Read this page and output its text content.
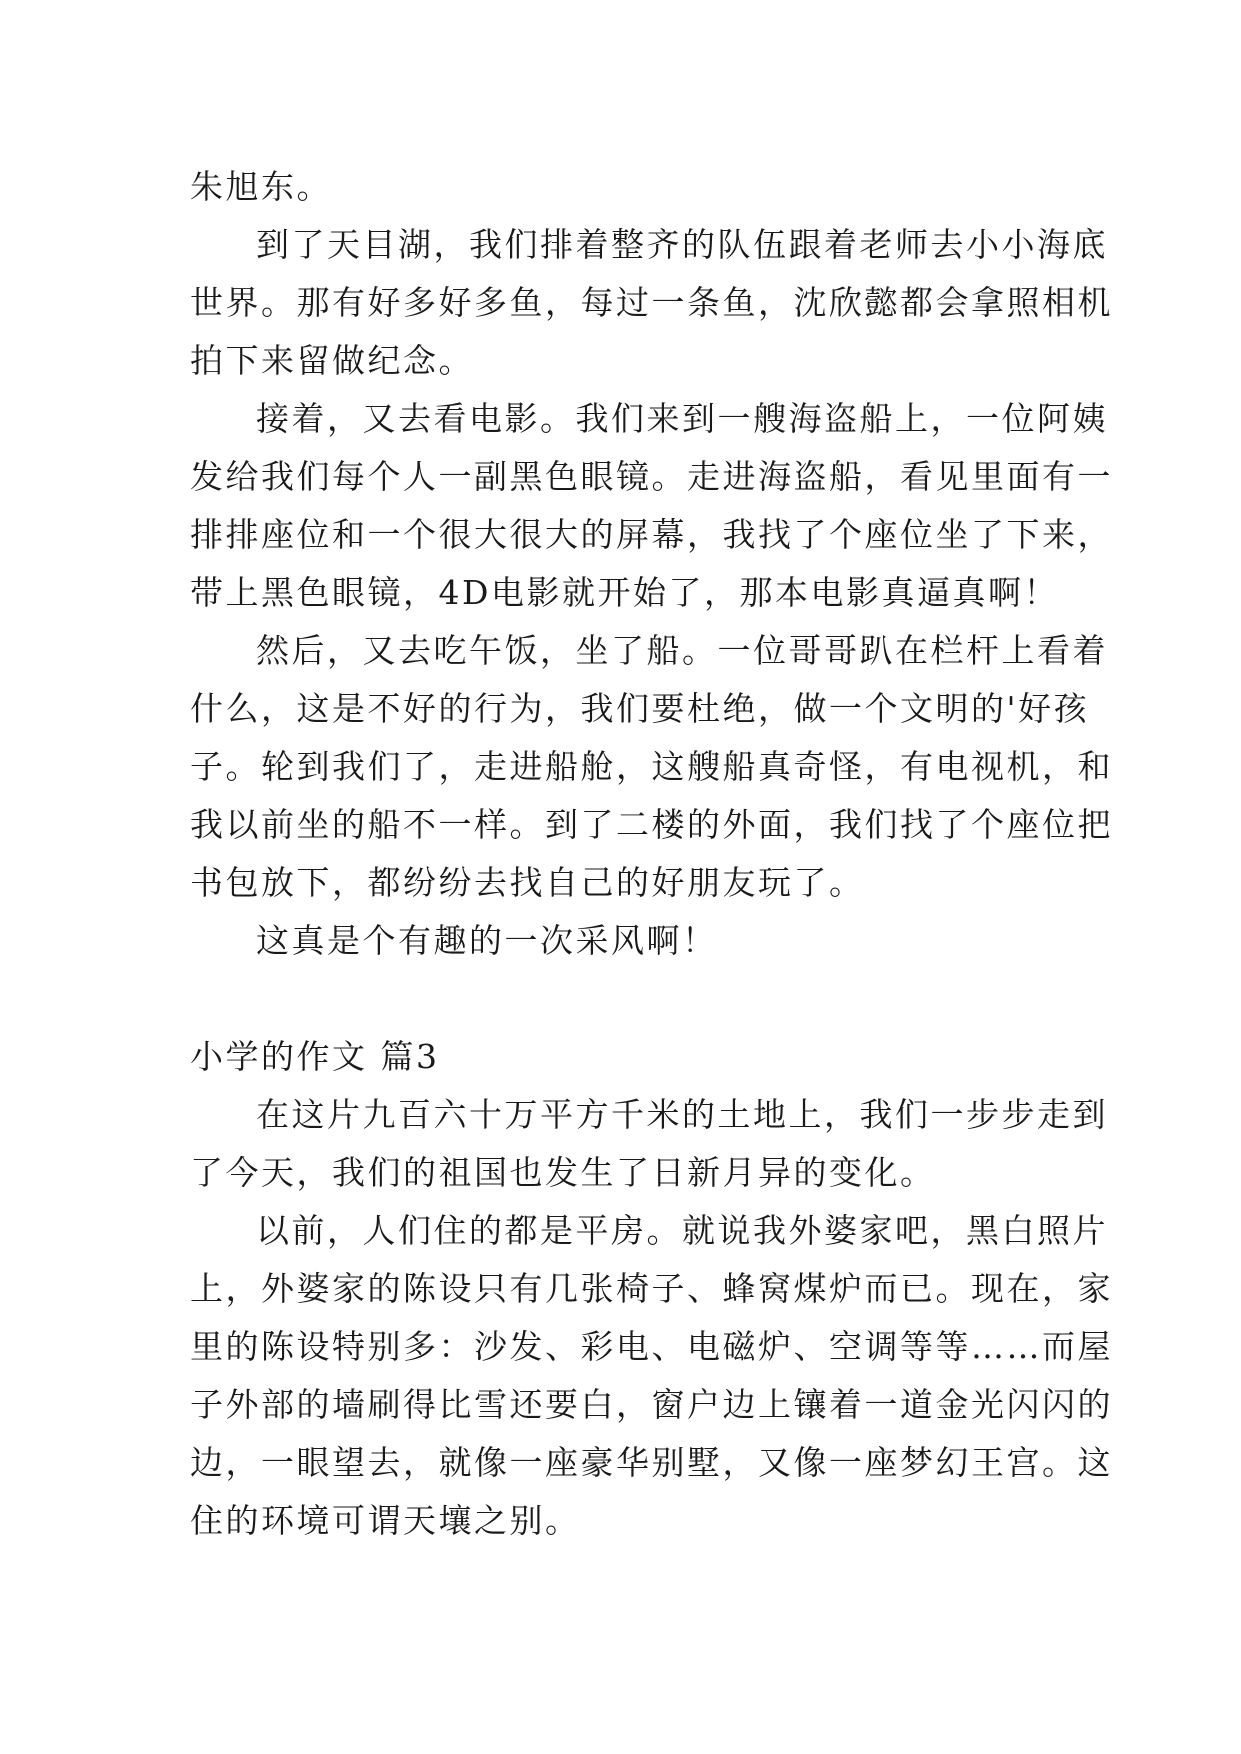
朱旭东。
到了天目湖，我们排着整齐的队伍跟着老师去小小海底
世界。那有好多好多鱼，每过一条鱼，沈欣懿都会拿照相机
拍下来留做纪念。
接着，又去看电影。我们来到一艘海盗船上，一位阿姨
发给我们每个人一副黑色眼镜。走进海盗船，看见里面有一
排排座位和一个很大很大的屏幕，我找了个座位坐了下来，
带上黑色眼镜，4D电影就开始了，那本电影真逼真啊！
然后，又去吃午饭，坐了船。一位哥哥趴在栏杆上看着
什么，这是不好的行为，我们要杜绝，做一个文明的'好孩
子。轮到我们了，走进船舱，这艘船真奇怪，有电视机，和
我以前坐的船不一样。到了二楼的外面，我们找了个座位把
书包放下，都纷纷去找自己的好朋友玩了。
这真是个有趣的一次采风啊！
小学的作文 篇3
在这片九百六十万平方千米的土地上，我们一步步走到
了今天，我们的祖国也发生了日新月异的变化。
以前，人们住的都是平房。就说我外婆家吧，黑白照片
上，外婆家的陈设只有几张椅子、蜂窝煤炉而已。现在，家
里的陈设特别多：沙发、彩电、电磁炉、空调等等……而屋
子外部的墙刷得比雪还要白，窗户边上镶着一道金光闪闪的
边，一眼望去，就像一座豪华别墅，又像一座梦幻王宫。这
住的环境可谓天壤之别。
